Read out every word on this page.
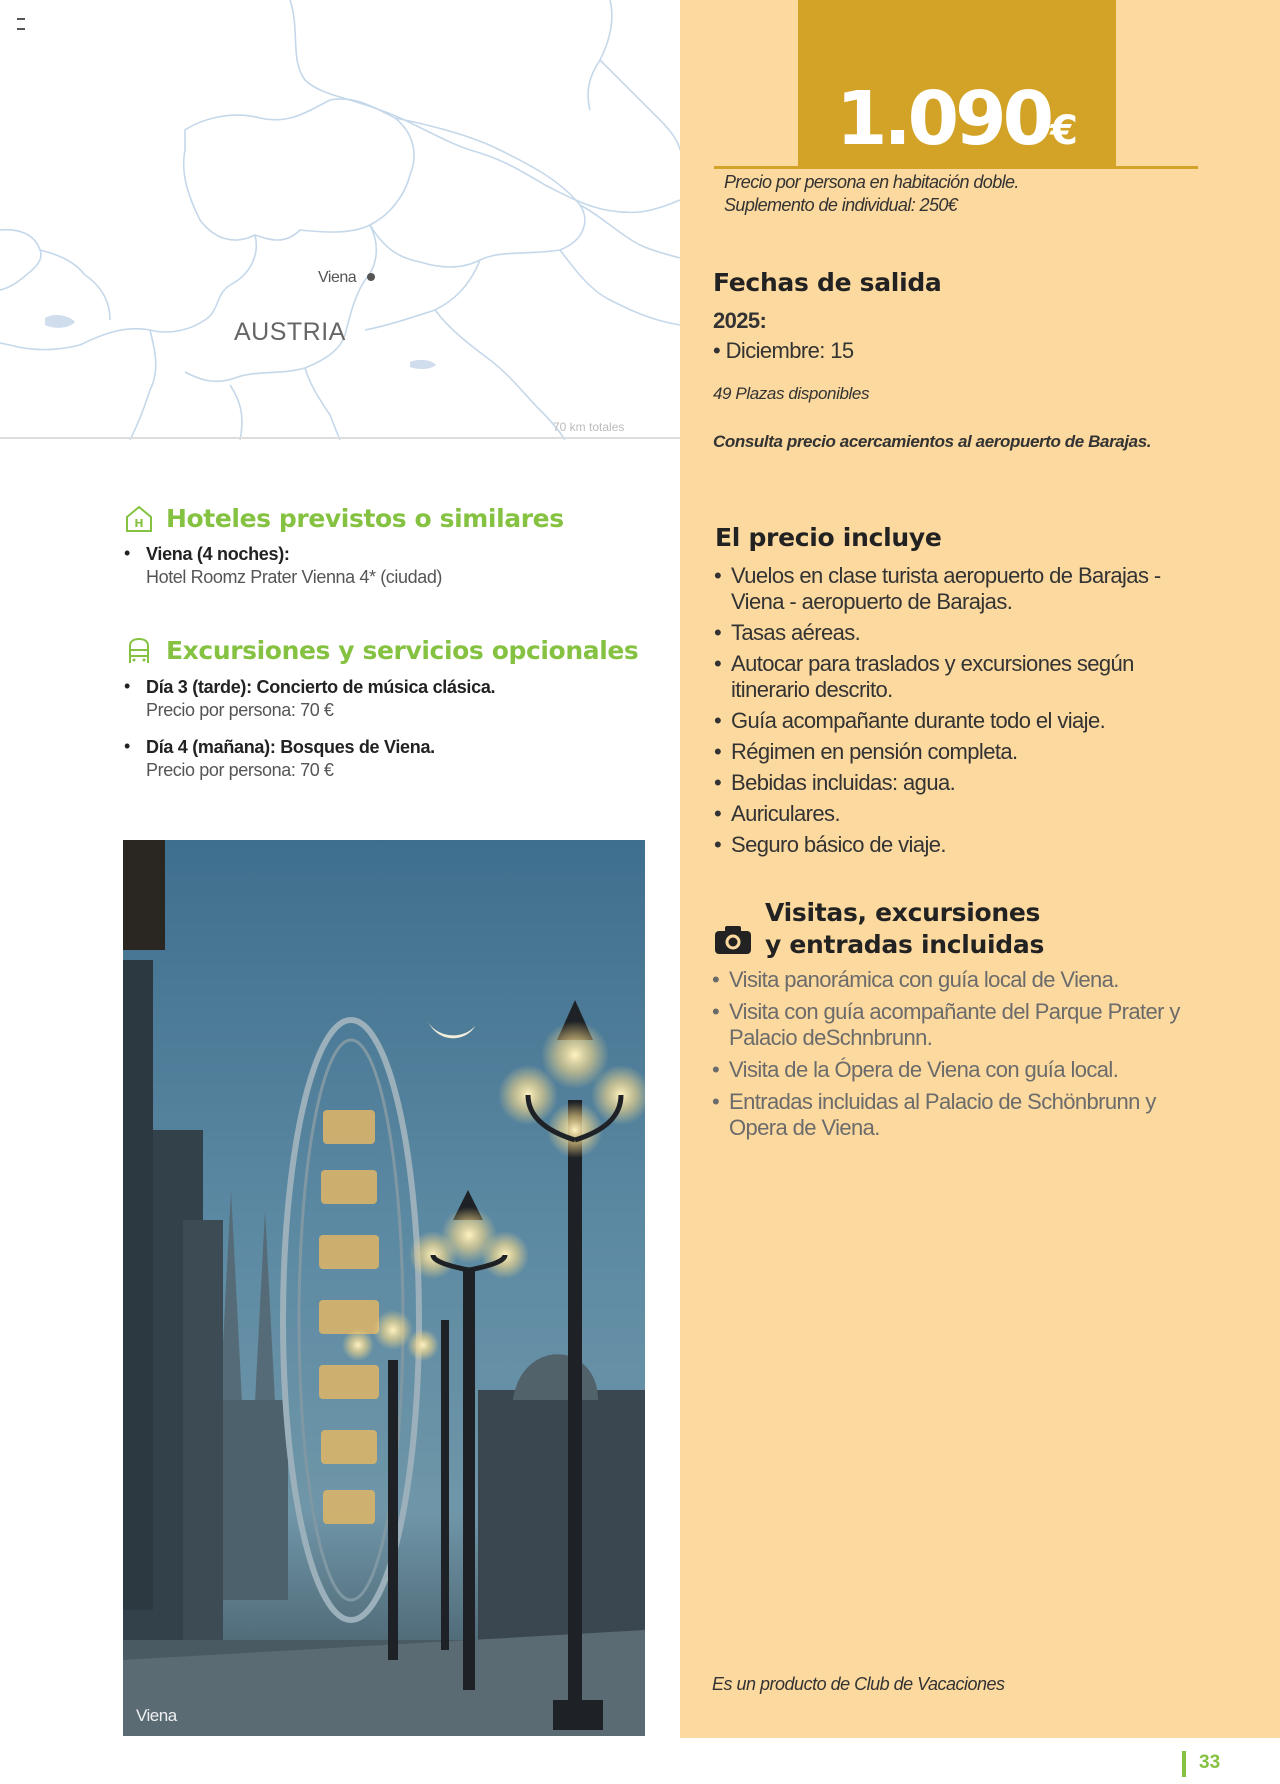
Viena
AUSTRIA
70 km totales
1.090€
Precio por persona en habitación doble.
Suplemento de individual: 250€
Fechas de salida
2025:
• Diciembre: 15
49 Plazas disponibles
Consulta precio acercamientos al aeropuerto de Barajas.
El precio incluye
• Vuelos en clase turista aeropuerto de Barajas - Viena - aeropuerto de Barajas.
• Tasas aéreas.
• Autocar para traslados y excursiones según itinerario descrito.
• Guía acompañante durante todo el viaje.
• Régimen en pensión completa.
• Bebidas incluidas: agua.
• Auriculares.
• Seguro básico de viaje.
Visitas, excursiones
y entradas incluidas
• Visita panorámica con guía local de Viena.
• Visita con guía acompañante del Parque Prater y Palacio deSchnbrunn.
• Visita de la Ópera de Viena con guía local.
• Entradas incluidas al Palacio de Schönbrunn y Opera de Viena.
Es un producto de Club de Vacaciones
H Hoteles previstos o similares
• Viena (4 noches):
Hotel Roomz Prater Vienna 4* (ciudad)
Excursiones y servicios opcionales
• Día 3 (tarde): Concierto de música clásica.
Precio por persona: 70 €
• Día 4 (mañana): Bosques de Viena.
Precio por persona: 70 €
Viena
33
